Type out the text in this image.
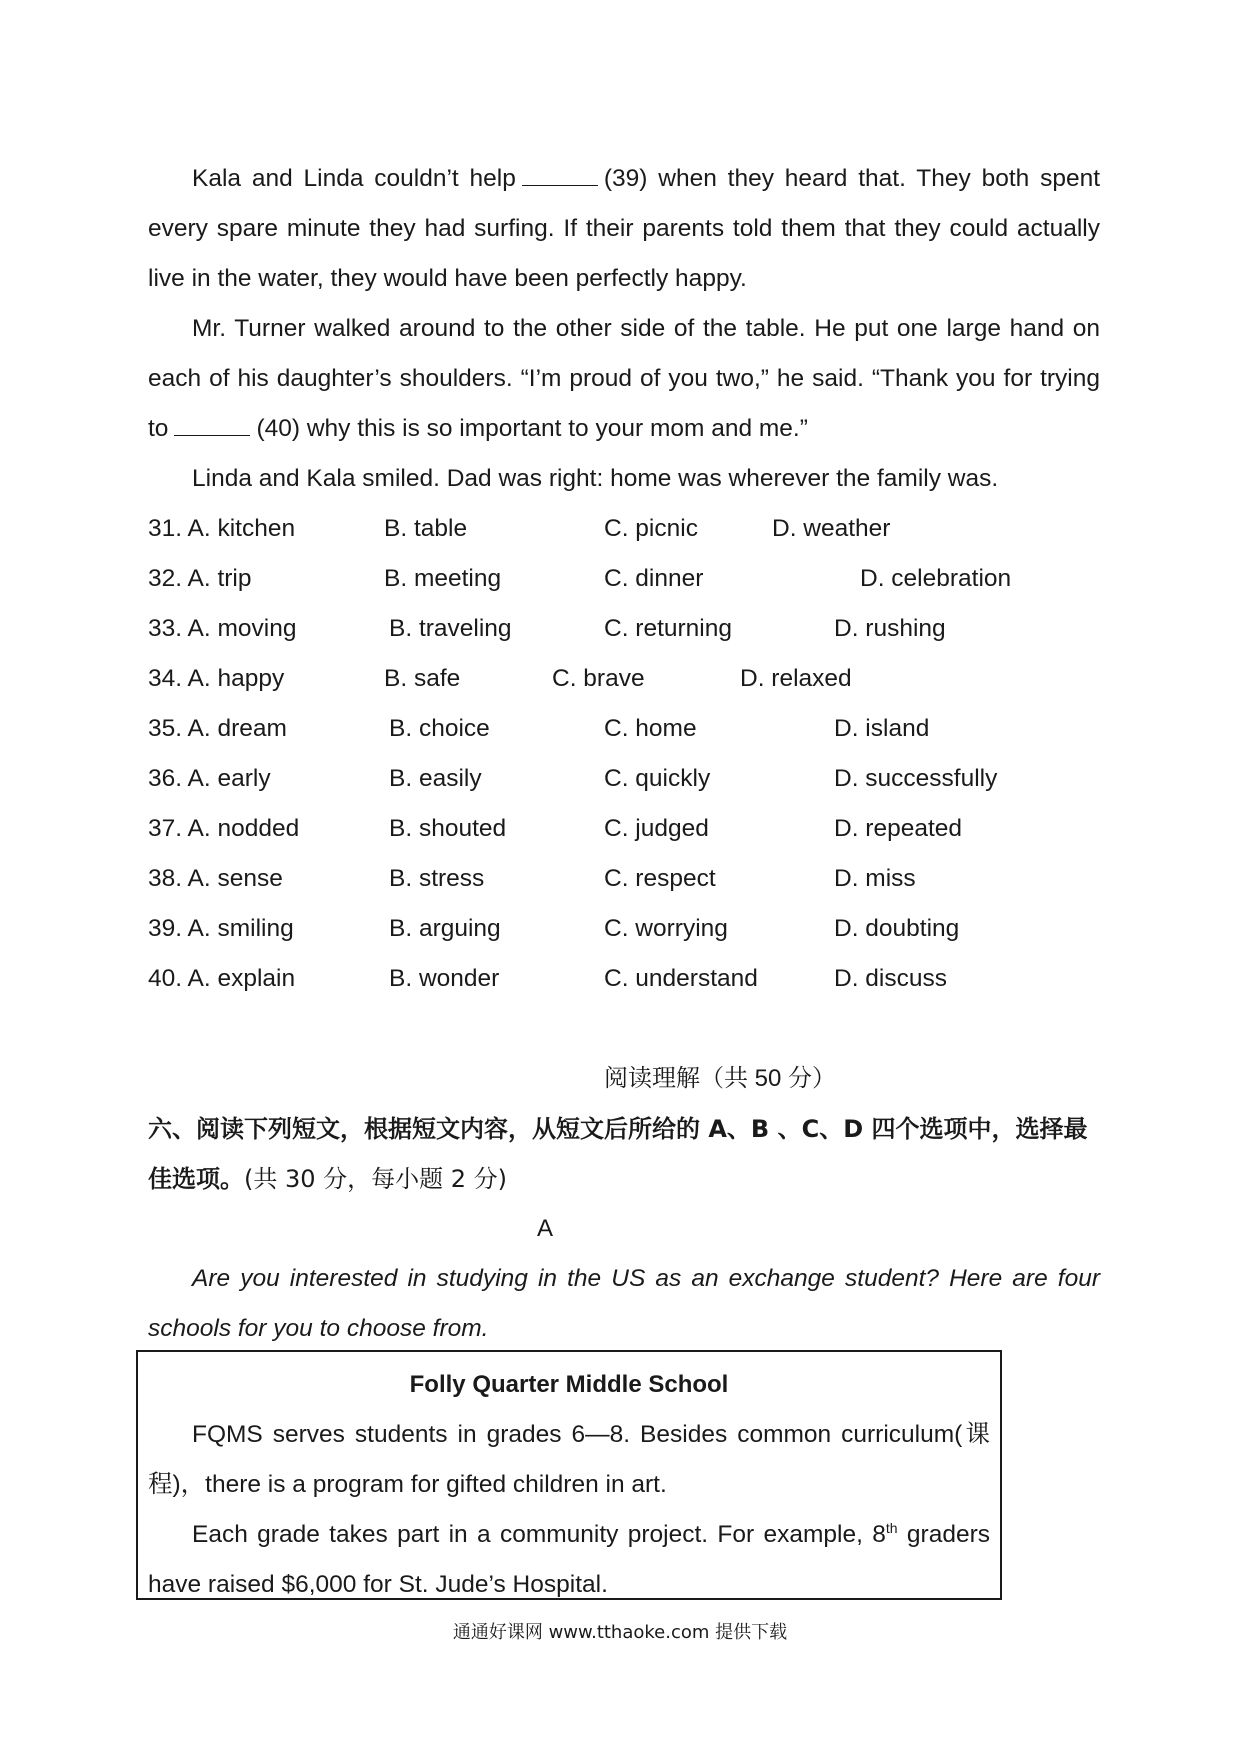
Kala and Linda couldn’t help	(39) when they heard that. They both spent every spare minute they had surfing. If their parents told them that they could actually live in the water, they would have been perfectly happy.

Mr. Turner walked around to the other side of the table. He put one large hand on each of his daughter’s shoulders. “I’m proud of you two,” he said. “Thank you for trying to	(40) why this is so important to your mom and me.”

Linda and Kala smiled. Dad was right: home was wherever the family was.

31. A. kitchen	B. table	C. picnic	D. weather
32. A. trip	B. meeting	C. dinner	D. celebration
33. A. moving	B. traveling	C. returning	D. rushing
34. A. happy	B. safe	C. brave	D. relaxed
35. A. dream	B. choice	C. home	D. island
36. A. early	B. easily	C. quickly	D. successfully
37. A. nodded	B. shouted	C. judged	D. repeated
38. A. sense	B. stress	C. respect	D. miss
39. A. smiling	B. arguing	C. worrying	D. doubting
40. A. explain	B. wonder	C. understand	D. discuss
阅读理解（共 50 分）

六、阅读下列短文，根据短文内容，从短文后所给的 A、B 、C、D 四个选项中，选择最佳选项。(共 30 分，每小题 2 分)

A

Are you interested in studying in the US as an exchange student? Here are four schools for you to choose from.

Folly Quarter Middle School

FQMS serves students in grades 6—8. Besides common curriculum(课程)，there is a program for gifted children in art.

Each grade takes part in a community project. For example, 8th graders have raised $6,000 for St. Jude’s Hospital.

通通好课网 www.tthaoke.com 提供下载
